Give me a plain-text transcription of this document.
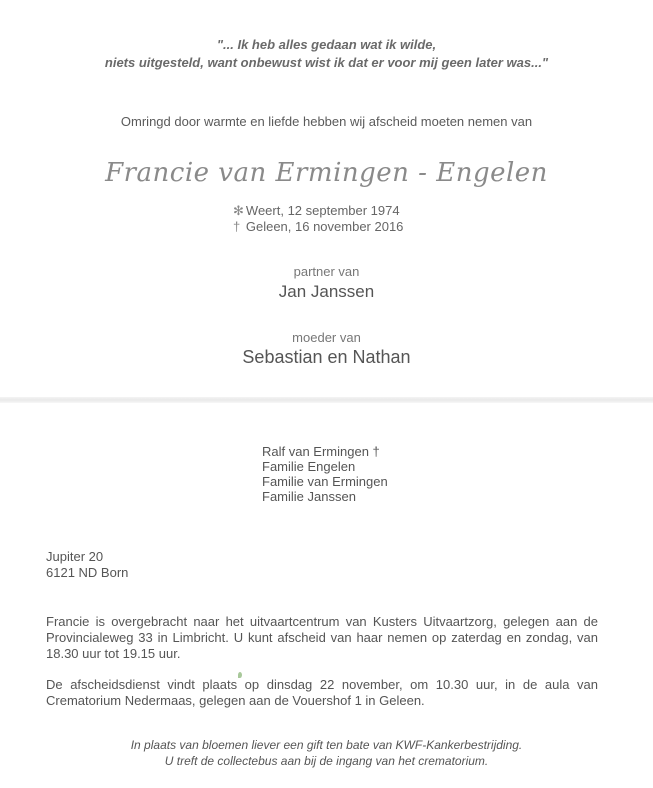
"... Ik heb alles gedaan wat ik wilde,
niets uitgesteld, want onbewust wist ik dat er voor mij geen later was..."
Omringd door warmte en liefde hebben wij afscheid moeten nemen van
Francie van Ermingen - Engelen
✻ Weert, 12 september 1974
† Geleen, 16 november 2016
partner van
Jan Janssen
moeder van
Sebastian en Nathan
Ralf van Ermingen †
Familie Engelen
Familie van Ermingen
Familie Janssen
Jupiter 20
6121 ND Born
Francie is overgebracht naar het uitvaartcentrum van Kusters Uitvaartzorg, gelegen aan de Provincialeweg 33 in Limbricht. U kunt afscheid van haar nemen op zaterdag en zondag, van 18.30 uur tot 19.15 uur.
De afscheidsdienst vindt plaats op dinsdag 22 november, om 10.30 uur, in de aula van Crematorium Nedermaas, gelegen aan de Vouershof 1 in Geleen.
In plaats van bloemen liever een gift ten bate van KWF-Kankerbestrijding.
U treft de collectebus aan bij de ingang van het crematorium.
